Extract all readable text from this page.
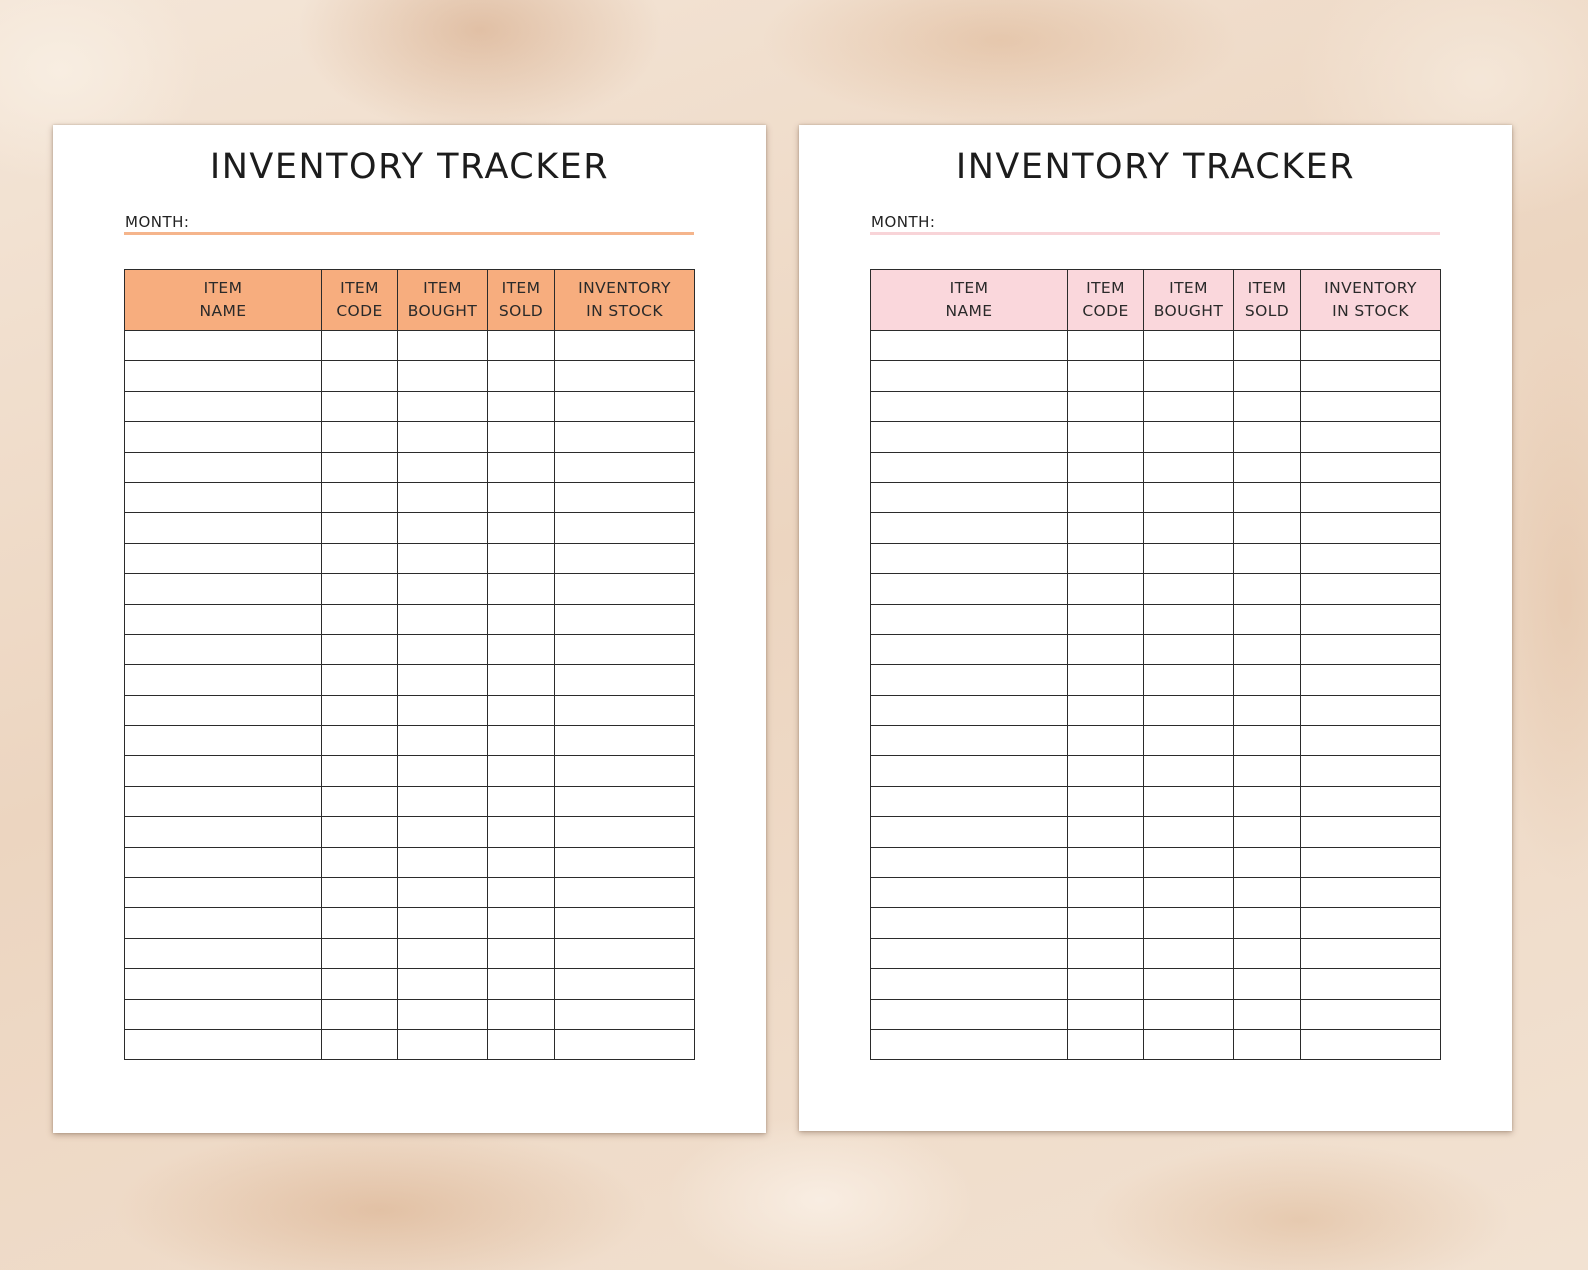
INVENTORY TRACKER
MONTH:
ITEM
NAME	ITEM
CODE	ITEM
BOUGHT	ITEM
SOLD	INVENTORY
IN STOCK

INVENTORY TRACKER
MONTH:
ITEM
NAME	ITEM
CODE	ITEM
BOUGHT	ITEM
SOLD	INVENTORY
IN STOCK
